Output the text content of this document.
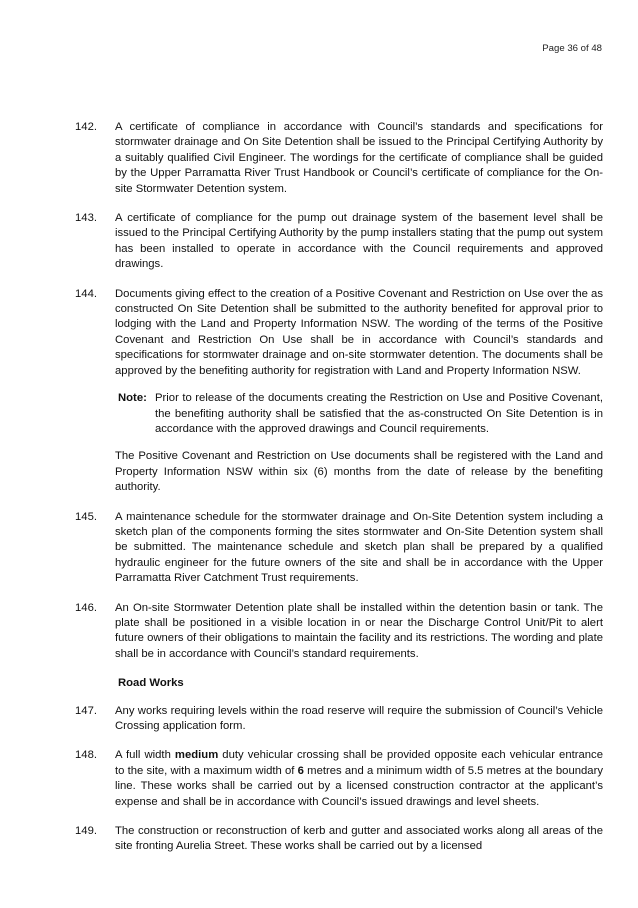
Page 36 of 48
142. A certificate of compliance in accordance with Council’s standards and specifications for stormwater drainage and On Site Detention shall be issued to the Principal Certifying Authority by a suitably qualified Civil Engineer. The wordings for the certificate of compliance shall be guided by the Upper Parramatta River Trust Handbook or Council’s certificate of compliance for the On-site Stormwater Detention system.
143. A certificate of compliance for the pump out drainage system of the basement level shall be issued to the Principal Certifying Authority by the pump installers stating that the pump out system has been installed to operate in accordance with the Council requirements and approved drawings.
144. Documents giving effect to the creation of a Positive Covenant and Restriction on Use over the as constructed On Site Detention shall be submitted to the authority benefited for approval prior to lodging with the Land and Property Information NSW. The wording of the terms of the Positive Covenant and Restriction On Use shall be in accordance with Council’s standards and specifications for stormwater drainage and on-site stormwater detention. The documents shall be approved by the benefiting authority for registration with Land and Property Information NSW.
Note: Prior to release of the documents creating the Restriction on Use and Positive Covenant, the benefiting authority shall be satisfied that the as-constructed On Site Detention is in accordance with the approved drawings and Council requirements.
The Positive Covenant and Restriction on Use documents shall be registered with the Land and Property Information NSW within six (6) months from the date of release by the benefiting authority.
145. A maintenance schedule for the stormwater drainage and On-Site Detention system including a sketch plan of the components forming the sites stormwater and On-Site Detention system shall be submitted. The maintenance schedule and sketch plan shall be prepared by a qualified hydraulic engineer for the future owners of the site and shall be in accordance with the Upper Parramatta River Catchment Trust requirements.
146. An On-site Stormwater Detention plate shall be installed within the detention basin or tank. The plate shall be positioned in a visible location in or near the Discharge Control Unit/Pit to alert future owners of their obligations to maintain the facility and its restrictions. The wording and plate shall be in accordance with Council’s standard requirements.
Road Works
147. Any works requiring levels within the road reserve will require the submission of Council’s Vehicle Crossing application form.
148. A full width medium duty vehicular crossing shall be provided opposite each vehicular entrance to the site, with a maximum width of 6 metres and a minimum width of 5.5 metres at the boundary line. These works shall be carried out by a licensed construction contractor at the applicant’s expense and shall be in accordance with Council’s issued drawings and level sheets.
149. The construction or reconstruction of kerb and gutter and associated works along all areas of the site fronting Aurelia Street. These works shall be carried out by a licensed
